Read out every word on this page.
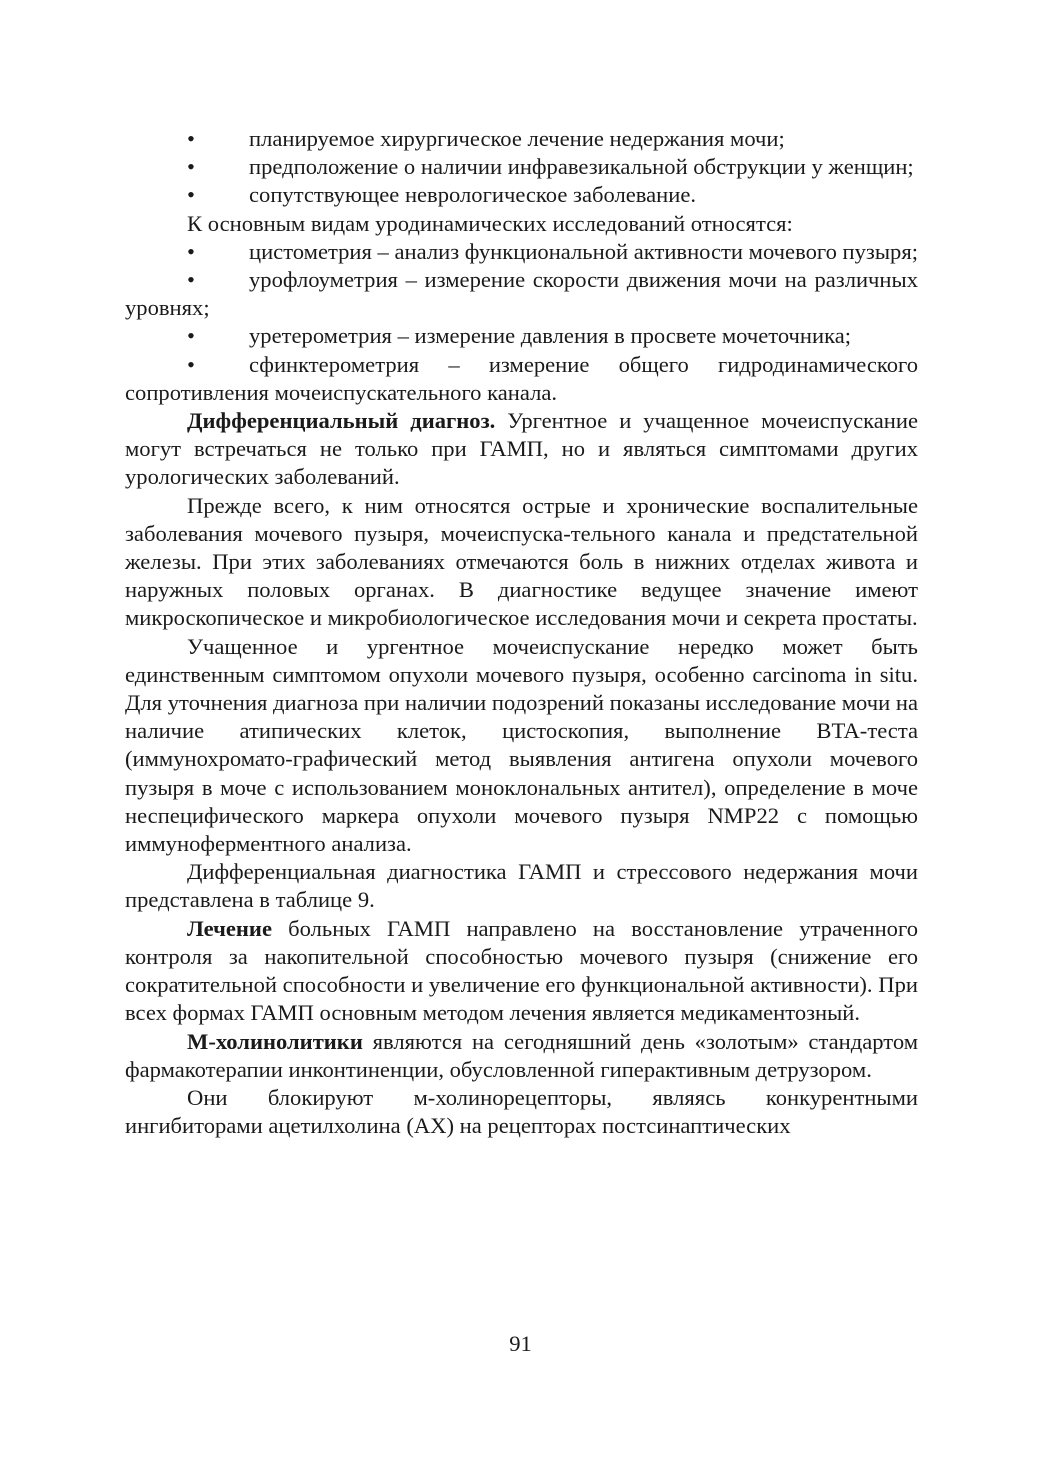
•	планируемое хирургическое лечение недержания мочи;

•	предположение о наличии инфравезикальной обструкции у женщин;

•	сопутствующее неврологическое заболевание.

К основным видам уродинамических исследований относятся:

•	цистометрия – анализ функциональной активности мочевого пузыря;

•	урофлоуметрия – измерение скорости движения мочи на различных уровнях;

•	уретерометрия – измерение давления в просвете мочеточника;

•	сфинктерометрия – измерение общего гидродинамического сопротивления мочеиспускательного канала.

Дифференциальный диагноз. Ургентное и учащенное мочеиспускание могут встречаться не только при ГАМП, но и являться симптомами других урологических заболеваний.

Прежде всего, к ним относятся острые и хронические воспалительные заболевания мочевого пузыря, мочеиспуска-тельного канала и предстательной железы. При этих заболеваниях отмечаются боль в нижних отделах живота и наружных половых органах. В диагностике ведущее значение имеют микроскопическое и микробиологическое исследования мочи и секрета простаты.

Учащенное и ургентное мочеиспускание нередко может быть единственным симптомом опухоли мочевого пузыря, особенно carcinoma in situ. Для уточнения диагноза при наличии подозрений показаны исследование мочи на наличие атипических клеток, цистоскопия, выполнение BTA-теста (иммунохромато-графический метод выявления антигена опухоли мочевого пузыря в моче с использованием моноклональных антител), определение в моче неспецифического маркера опухоли мочевого пузыря NMP22 с помощью иммуноферментного анализа.

Дифференциальная диагностика ГАМП и стрессового недержания мочи представлена в таблице 9.

Лечение больных ГАМП направлено на восстановление утраченного контроля за накопительной способностью мочевого пузыря (снижение его сократительной способности и увеличение его функциональной активности). При всех формах ГАМП основным методом лечения является медикаментозный.

М-холинолитики являются на сегодняшний день «золотым» стандартом фармакотерапии инконтиненции, обусловленной гиперактивным детрузором.

Они блокируют м-холинорецепторы, являясь конкурентными ингибиторами ацетилхолина (АХ) на рецепторах постсинаптических

91
